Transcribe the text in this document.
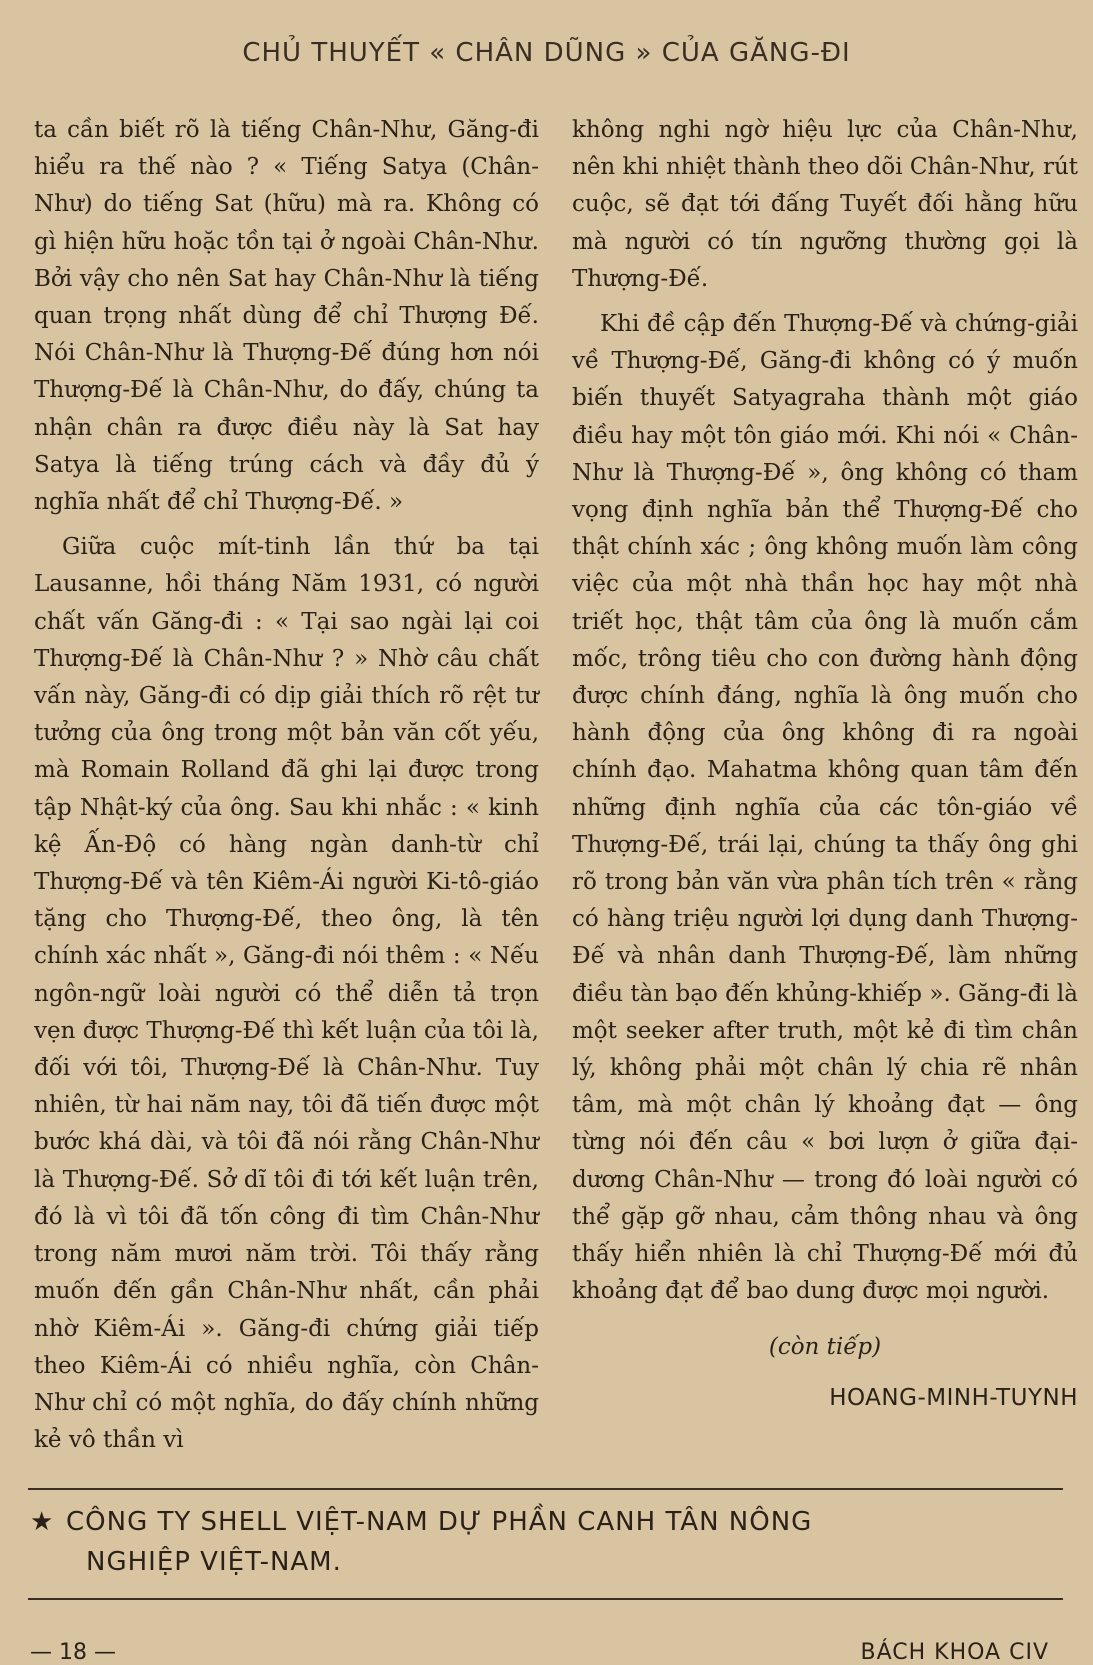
CHỦ THUYẾT « CHÂN DŨNG » CỦA GĂNG-ĐI

ta cần biết rõ là tiếng Chân-Như, Găng-đi hiểu ra thế nào ? « Tiếng Satya (Chân-Như) do tiếng Sat (hữu) mà ra. Không có gì hiện hữu hoặc tồn tại ở ngoài Chân-Như. Bởi vậy cho nên Sat hay Chân-Như là tiếng quan trọng nhất dùng để chỉ Thượng Đế. Nói Chân-Như là Thượng-Đế đúng hơn nói Thượng-Đế là Chân-Như, do đấy, chúng ta nhận chân ra được điều này là Sat hay Satya là tiếng trúng cách và đầy đủ ý nghĩa nhất để chỉ Thượng-Đế. »

Giữa cuộc mít-tinh lần thứ ba tại Lausanne, hồi tháng Năm 1931, có người chất vấn Găng-đi : « Tại sao ngài lại coi Thượng-Đế là Chân-Như ? » Nhờ câu chất vấn này, Găng-đi có dịp giải thích rõ rệt tư tưởng của ông trong một bản văn cốt yếu, mà Romain Rolland đã ghi lại được trong tập Nhật-ký của ông. Sau khi nhắc : « kinh kệ Ấn-Độ có hàng ngàn danh-từ chỉ Thượng-Đế và tên Kiêm-Ái người Ki-tô-giáo tặng cho Thượng-Đế, theo ông, là tên chính xác nhất », Găng-đi nói thêm : « Nếu ngôn-ngữ loài người có thể diễn tả trọn vẹn được Thượng-Đế thì kết luận của tôi là, đối với tôi, Thượng-Đế là Chân-Như. Tuy nhiên, từ hai năm nay, tôi đã tiến được một bước khá dài, và tôi đã nói rằng Chân-Như là Thượng-Đế. Sở dĩ tôi đi tới kết luận trên, đó là vì tôi đã tốn công đi tìm Chân-Như trong năm mươi năm trời. Tôi thấy rằng muốn đến gần Chân-Như nhất, cần phải nhờ Kiêm-Ái ». Găng-đi chứng giải tiếp theo Kiêm-Ái có nhiều nghĩa, còn Chân-Như chỉ có một nghĩa, do đấy chính những kẻ vô thần vì

không nghi ngờ hiệu lực của Chân-Như, nên khi nhiệt thành theo dõi Chân-Như, rút cuộc, sẽ đạt tới đấng Tuyết đối hằng hữu mà người có tín ngưỡng thường gọi là Thượng-Đế.

Khi đề cập đến Thượng-Đế và chứng-giải về Thượng-Đế, Găng-đi không có ý muốn biến thuyết Satyagraha thành một giáo điều hay một tôn giáo mới. Khi nói « Chân-Như là Thượng-Đế », ông không có tham vọng định nghĩa bản thể Thượng-Đế cho thật chính xác ; ông không muốn làm công việc của một nhà thần học hay một nhà triết học, thật tâm của ông là muốn cắm mốc, trông tiêu cho con đường hành động được chính đáng, nghĩa là ông muốn cho hành động của ông không đi ra ngoài chính đạo. Mahatma không quan tâm đến những định nghĩa của các tôn-giáo về Thượng-Đế, trái lại, chúng ta thấy ông ghi rõ trong bản văn vừa phân tích trên « rằng có hàng triệu người lợi dụng danh Thượng-Đế và nhân danh Thượng-Đế, làm những điều tàn bạo đến khủng-khiếp ». Găng-đi là một seeker after truth, một kẻ đi tìm chân lý, không phải một chân lý chia rẽ nhân tâm, mà một chân lý khoảng đạt — ông từng nói đến câu « bơi lượn ở giữa đại-dương Chân-Như — trong đó loài người có thể gặp gỡ nhau, cảm thông nhau và ông thấy hiển nhiên là chỉ Thượng-Đế mới đủ khoảng đạt để bao dung được mọi người.

(còn tiếp)
HOANG-MINH-TUYNH
★ CÔNG TY SHELL VIỆT-NAM DỰ PHẦN CANH TÂN NÔNG
NGHIỆP VIỆT-NAM.
— 18 —	BÁCH KHOA CIV
